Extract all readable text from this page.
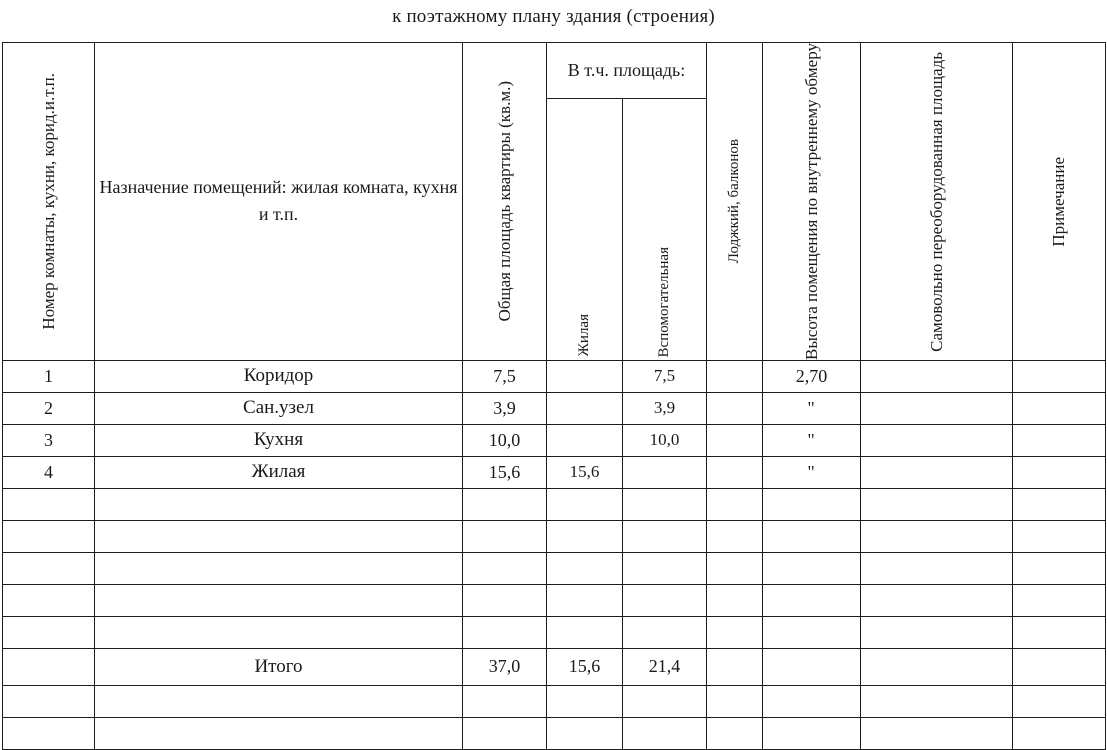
к поэтажному плану здания (строения)
Номер комнаты, кухни, корид.и.т.п.	Назначение помещений: жилая комната, кухня и т.п.	Общая площадь квартиры (кв.м.)	В т.ч. площадь:		Лоджкий, балконов	Высота помещения по внутреннему обмеру	Самовольно переоборудованная площадь	Примечание

			Жилая	Вспомогательная				

1	Коридор	7,5		7,5		2,70		
2	Сан.узел	3,9		3,9		"		
3	Кухня	10,0		10,0		"		
4	Жилая	15,6	15,6			"		

	Итого	37,0	15,6	21,4				
